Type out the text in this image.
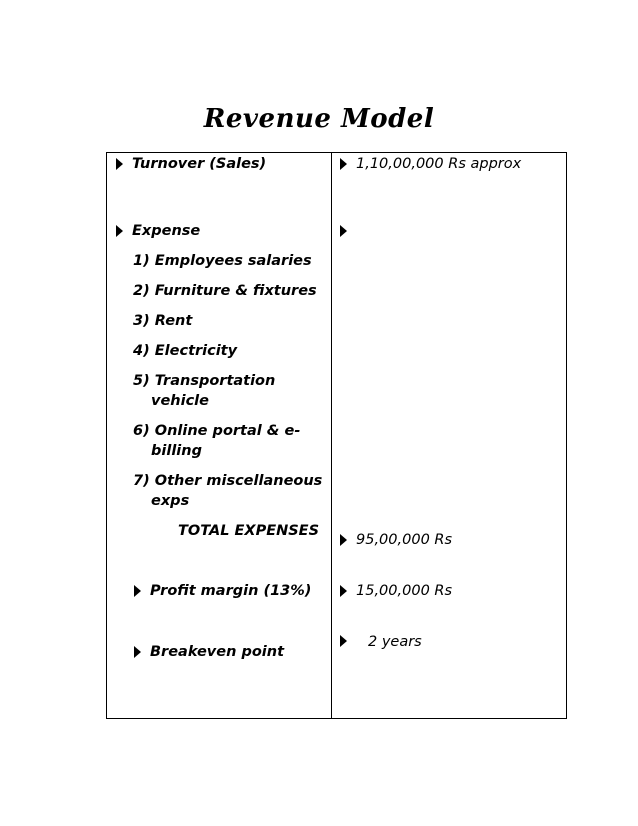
Revenue Model
Turnover (Sales)
Expense
1) Employees salaries
2) Furniture & fixtures
3) Rent
4) Electricity
5) Transportation
vehicle
6) Online portal & e-
billing
7) Other miscellaneous
exps
TOTAL EXPENSES
Profit margin (13%)
Breakeven point
1,10,00,000 Rs approx
95,00,000 Rs
15,00,000 Rs
2 years
